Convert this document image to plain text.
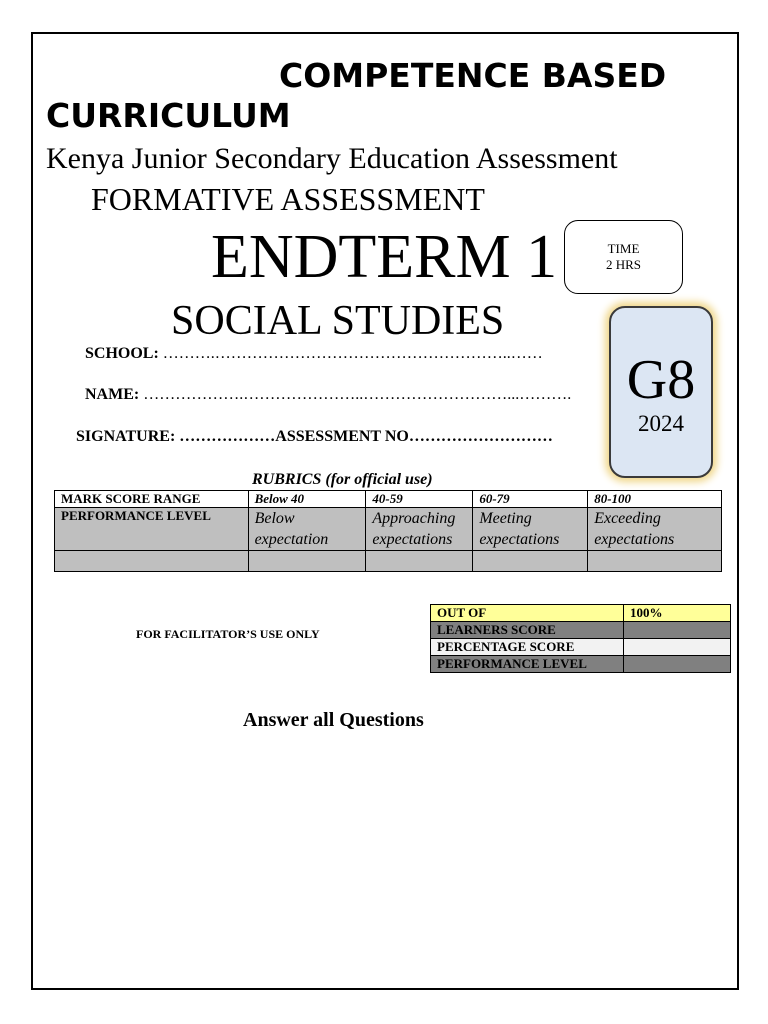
COMPETENCE BASED
CURRICULUM
Kenya Junior Secondary Education Assessment
FORMATIVE ASSESSMENT
ENDTERM 1
SOCIAL STUDIES
TIME
2 HRS
SCHOOL: ……….………………………………………………..……
NAME: ……………….…………………..………………………...……….
SIGNATURE: ………………ASSESSMENT NO………………………
G8
2024
RUBRICS (for official use)
MARK SCORE RANGE	Below 40	40-59	60-79	80-100
PERFORMANCE LEVEL	Below expectation	Approaching expectations	Meeting expectations	Exceeding expectations

FOR FACILITATOR’S USE ONLY
OUT OF	100%
LEARNERS SCORE	
PERCENTAGE SCORE	
PERFORMANCE LEVEL	
Answer all Questions
